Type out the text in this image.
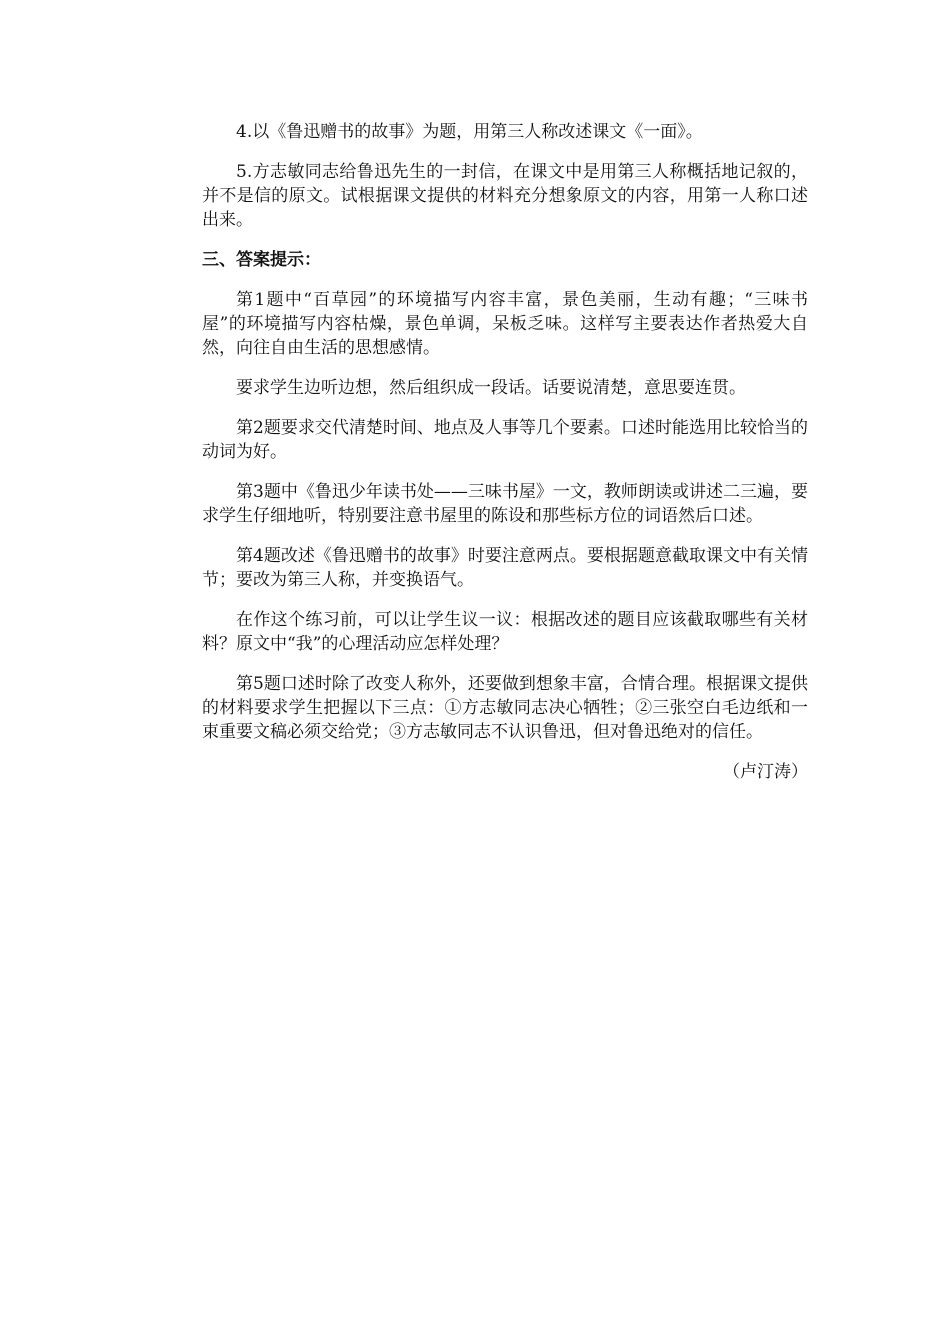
4.以《鲁迅赠书的故事》为题，用第三人称改述课文《一面》。

5.方志敏同志给鲁迅先生的一封信，在课文中是用第三人称概括地记叙的，并不是信的原文。试根据课文提供的材料充分想象原文的内容，用第一人称口述出来。

三、答案提示：

第1题中“百草园”的环境描写内容丰富，景色美丽，生动有趣；“三味书屋”的环境描写内容枯燥，景色单调，呆板乏味。这样写主要表达作者热爱大自然，向往自由生活的思想感情。

要求学生边听边想，然后组织成一段话。话要说清楚，意思要连贯。

第2题要求交代清楚时间、地点及人事等几个要素。口述时能选用比较恰当的动词为好。

第3题中《鲁迅少年读书处——三味书屋》一文，教师朗读或讲述二三遍，要求学生仔细地听，特别要注意书屋里的陈设和那些标方位的词语然后口述。

第4题改述《鲁迅赠书的故事》时要注意两点。要根据题意截取课文中有关情节；要改为第三人称，并变换语气。

在作这个练习前，可以让学生议一议：根据改述的题目应该截取哪些有关材料？原文中“我”的心理活动应怎样处理？

第5题口述时除了改变人称外，还要做到想象丰富，合情合理。根据课文提供的材料要求学生把握以下三点：①方志敏同志决心牺牲；②三张空白毛边纸和一束重要文稿必须交给党；③方志敏同志不认识鲁迅，但对鲁迅绝对的信任。

（卢汀涛）
